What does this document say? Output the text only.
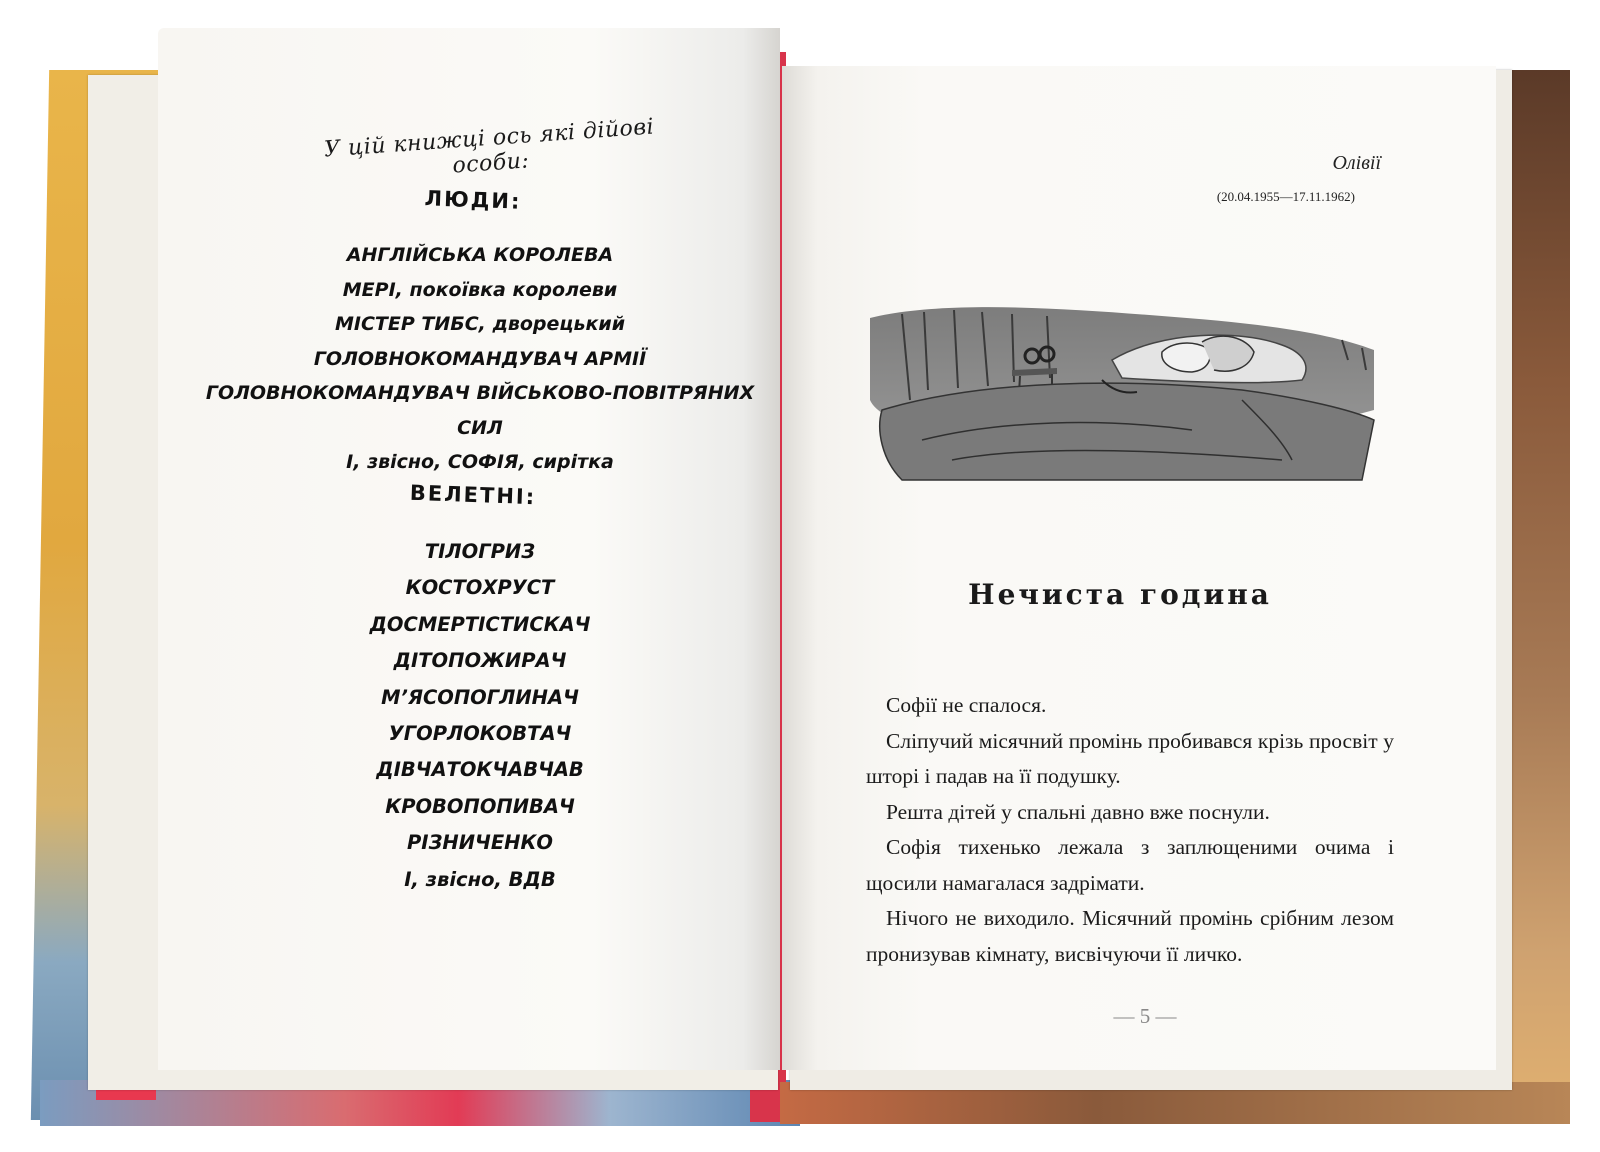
У цій книжці ось які дійові особи:
ЛЮДИ:
АНГЛІЙСЬКА КОРОЛЕВА
МЕРІ, покоївка королеви
МІСТЕР ТИБС, дворецький
ГОЛОВНОКОМАНДУВАЧ АРМІЇ
ГОЛОВНОКОМАНДУВАЧ ВІЙСЬКОВО-ПОВІТРЯНИХ СИЛ
І, звісно, СОФІЯ, сирітка
ВЕЛЕТНІ:
ТІЛОГРИЗ
КОСТОХРУСТ
ДОСМЕРТІСТИСКАЧ
ДІТОПОЖИРАЧ
М’ЯСОПОГЛИНАЧ
УГОРЛОКОВТАЧ
ДІВЧАТОКЧАВЧАВ
КРОВОПОПИВАЧ
РІЗНИЧЕНКО
І, звісно, ВДВ
Олівії
(20.04.1955—17.11.1962)
Нечиста година

Софії не спалося.

Сліпучий місячний промінь пробивався крізь просвіт у шторі і падав на її подушку.

Решта дітей у спальні давно вже поснули.

Софія тихенько лежала з заплющеними очима і щосили намагалася задрімати.

Нічого не виходило. Місячний промінь срібним лезом пронизував кімнату, висвічуючи її личко.

— 5 —
